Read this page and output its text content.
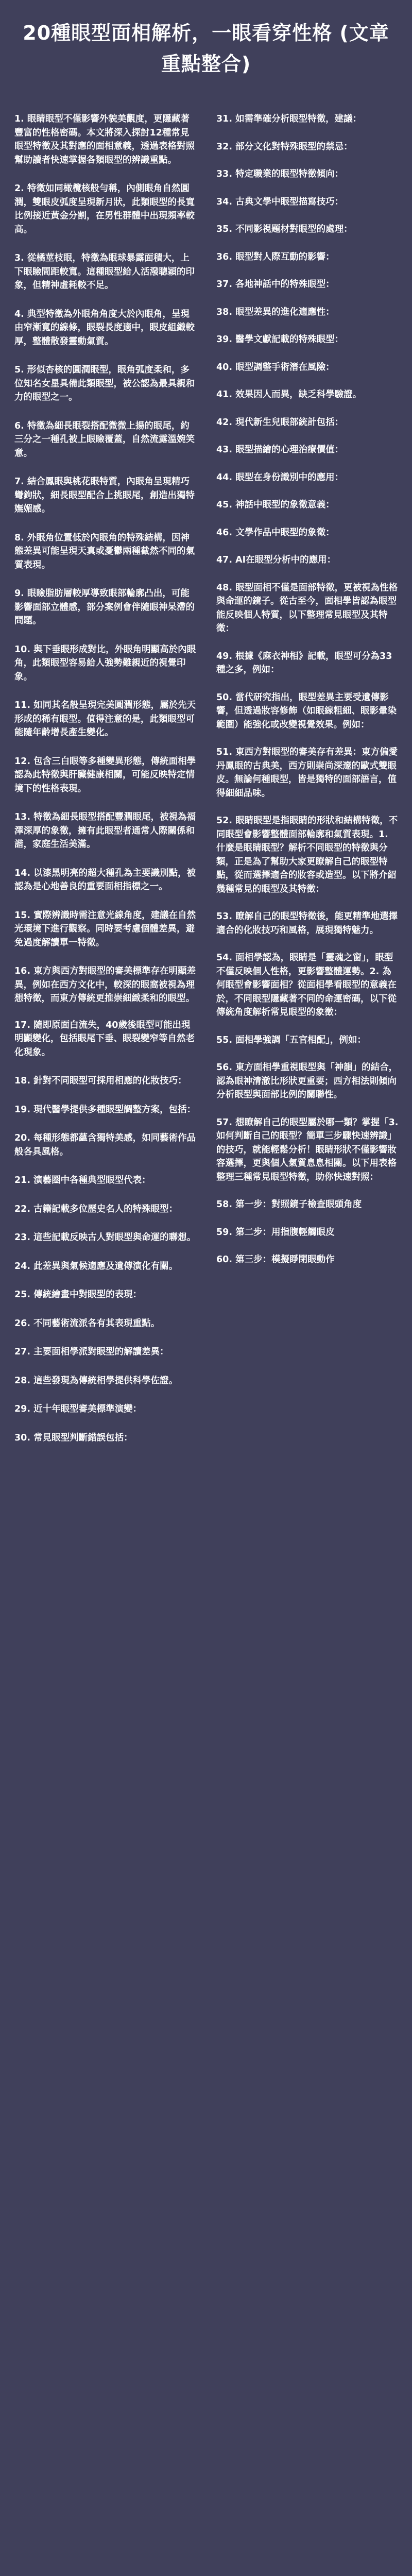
20種眼型面相解析，一眼看穿性格 (文章重點整合)
1. 眼睛眼型不僅影響外貌美觀度，更隱藏著豐富的性格密碼。本文將深入探討12種常見眼型特徵及其對應的面相意義，透過表格對照幫助讀者快速掌握各類眼型的辨識重點。
2. 特徵如同橄欖核般勻稱，內側眼角自然圓潤，雙眼皮弧度呈現新月狀，此類眼型的長寬比例接近黃金分割，在男性群體中出現頻率較高。
3. 從橘莖枝眼，特徵為眼球暴露面積大，上下眼瞼間距較寬。這種眼型給人活潑聰穎的印象，但精神虛耗較不足。
4. 典型特徵為外眼角角度大於內眼角，呈現由窄漸寬的線條，眼裂長度適中，眼皮組織較厚，整體散發靈動氣質。
5. 形似杏核的圓潤眼型，眼角弧度柔和，多位知名女星具備此類眼型，被公認為最具親和力的眼型之一。
6. 特徵為細長眼裂搭配微微上揚的眼尾，約三分之一種孔被上眼瞼覆蓋，自然流露溫婉笑意。
7. 結合鳳眼與桃花眼特質，內眼角呈現精巧彎鉤狀，細長眼型配合上挑眼尾，創造出獨特嫵媚感。
8. 外眼角位置低於內眼角的特殊結構，因神態差異可能呈現天真或憂鬱兩種截然不同的氣質表現。
9. 眼瞼脂肪層較厚導致眼部輪廓凸出，可能影響面部立體感，部分案例會伴隨眼神呆滯的問題。
10. 與下垂眼形成對比，外眼角明顯高於內眼角，此類眼型容易給人強勢難親近的視覺印象。
11. 如同其名般呈現完美圓潤形態，屬於先天形成的稀有眼型。值得注意的是，此類眼型可能隨年齡增長產生變化。
12. 包含三白眼等多種變異形態，傳統面相學認為此特徵與肝臟健康相關，可能反映特定情境下的性格表現。
13. 特徵為細長眼型搭配豐潤眼尾，被視為福澤深厚的象徵，擁有此眼型者通常人際關係和諧，家庭生活美滿。
14. 以漆黑明亮的超大種孔為主要識別點，被認為是心地善良的重要面相指標之一。
15. 實際辨識時需注意光線角度，建議在自然光環境下進行觀察。同時要考慮個體差異，避免過度解讀單一特徵。
16. 東方與西方對眼型的審美標準存在明顯差異，例如在西方文化中，較深的眼窩被視為理想特徵，而東方傳統更推崇細緻柔和的眼型。
17. 隨即原面白流失，40歲後眼型可能出現明顯變化，包括眼尾下垂、眼裂變窄等自然老化現象。
18. 針對不同眼型可採用相應的化妝技巧：
19. 現代醫學提供多種眼型調整方案，包括：
20. 每種形態都蘊含獨特美感，如同藝術作品般各具風格。
21. 演藝圈中各種典型眼型代表：
22. 古籍記載多位歷史名人的特殊眼型：
23. 這些記載反映古人對眼型與命運的聯想。
24. 此差異與氣候適應及遺傳演化有關。
25. 傳統繪畫中對眼型的表現：
26. 不同藝術流派各有其表現重點。
27. 主要面相學派對眼型的解讀差異：
28. 這些發現為傳統相學提供科學佐證。
29. 近十年眼型審美標準演變：
30. 常見眼型判斷錯誤包括：
31. 如需準確分析眼型特徵，建議：
32. 部分文化對特殊眼型的禁忌：
33. 特定職業的眼型特徵傾向：
34. 古典文學中眼型描寫技巧：
35. 不同影視題材對眼型的處理：
36. 眼型對人際互動的影響：
37. 各地神話中的特殊眼型：
38. 眼型差異的進化適應性：
39. 醫學文獻記載的特殊眼型：
40. 眼型調整手術潛在風險：
41. 效果因人而異，缺乏科學驗證。
42. 現代新生兒眼部統計包括：
43. 眼型描繪的心理治療價值：
44. 眼型在身份識別中的應用：
45. 神話中眼型的象徵意義：
46. 文學作品中眼型的象徵：
47. AI在眼型分析中的應用：
48. 眼型面相不僅是面部特徵，更被視為性格與命運的鏡子。從古至今，面相學皆認為眼型能反映個人特質，以下整理常見眼型及其特徵：
49. 根據《麻衣神相》記載，眼型可分為33種之多，例如：
50. 當代研究指出，眼型差異主要受遺傳影響，但透過妝容修飾（如眼線粗細、眼影暈染範圍）能強化或改變視覺效果。例如：
51. 東西方對眼型的審美存有差異：東方偏愛丹鳳眼的古典美，西方則崇尚深邃的歐式雙眼皮。無論何種眼型，皆是獨特的面部語言，值得細細品味。
52. 眼睛眼型是指眼睛的形狀和結構特徵，不同眼型會影響整體面部輪廓和氣質表現。1. 什麼是眼睛眼型？解析不同眼型的特徵與分類，正是為了幫助大家更瞭解自己的眼型特點，從而選擇適合的妝容或造型。以下將介紹幾種常見的眼型及其特徵：
53. 瞭解自己的眼型特徵後，能更精準地選擇適合的化妝技巧和風格，展現獨特魅力。
54. 面相學認為，眼睛是「靈魂之窗」，眼型不僅反映個人性格，更影響整體運勢。2. 為何眼型會影響面相？從面相學看眼型的意義在於，不同眼型隱藏著不同的命運密碼，以下從傳統角度解析常見眼型的象徵：
55. 面相學強調「五官相配」，例如：
56. 東方面相學重視眼型與「神韻」的結合，認為眼神清澈比形狀更重要；西方相法則傾向分析眼型與面部比例的關聯性。
57. 想瞭解自己的眼型屬於哪一類？掌握「3. 如何判斷自己的眼型？簡單三步驟快速辨識」的技巧，就能輕鬆分析！眼睛形狀不僅影響妝容選擇，更與個人氣質息息相關。以下用表格整理三種常見眼型特徵，助你快速對照：
58. 第一步：對照鏡子檢查眼頭角度
59. 第二步：用指腹輕觸眼皮
60. 第三步：模擬睜閉眼動作
